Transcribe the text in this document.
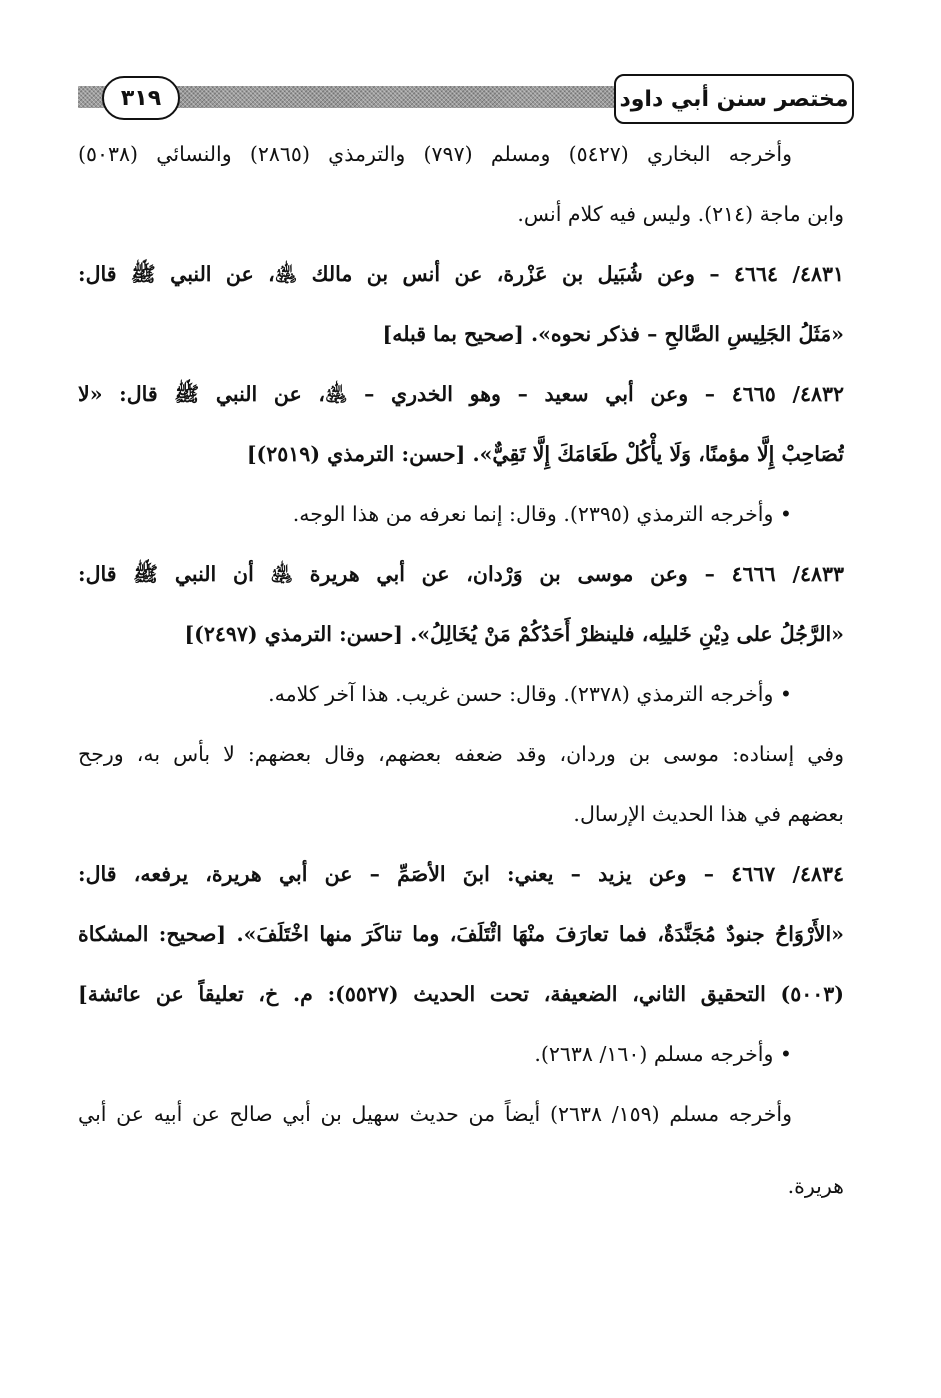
٣١٩	مختصر سنن أبي داود
وأخرجه البخاري (٥٤٢٧) ومسلم (٧٩٧) والترمذي (٢٨٦٥) والنسائي (٥٠٣٨)
وابن ماجة (٢١٤). وليس فيه كلام أنس.
٤٨٣١/ ٤٦٦٤ – وعن شُبَيل بن عَزْرة، عن أنس بن مالك ﵁، عن النبي ﷺ قال:
«مَثَلُ الجَلِيسِ الصَّالحِ – فذكر نحوه». [صحيح بما قبله]
٤٨٣٢/ ٤٦٦٥ – وعن أبي سعيد – وهو الخدري – ﵁، عن النبي ﷺ قال: «لا
تُصَاحِبْ إِلَّا مؤمنًا، وَلَا يأْكُلْ طَعَامَكَ إِلَّا تَقِيٌّ». [حسن: الترمذي (٢٥١٩)]
• وأخرجه الترمذي (٢٣٩٥). وقال: إنما نعرفه من هذا الوجه.
٤٨٣٣/ ٤٦٦٦ – وعن موسى بن وَرْدان، عن أبي هريرة ﵁ أن النبي ﷺ قال:
«الرَّجُلُ على دِيْنِ خَليلِه، فلينظرْ أَحَدُكُمْ مَنْ يُخَالِلُ». [حسن: الترمذي (٢٤٩٧)]
• وأخرجه الترمذي (٢٣٧٨). وقال: حسن غريب. هذا آخر كلامه.
وفي إسناده: موسى بن وردان، وقد ضعفه بعضهم، وقال بعضهم: لا بأس به، ورجح
بعضهم في هذا الحديث الإرسال.
٤٨٣٤/ ٤٦٦٧ – وعن يزيد – يعني: ابنَ الأصَمِّ – عن أبي هريرة، يرفعه، قال:
«الأَرْوَاحُ جنودٌ مُجَنَّدَةٌ، فما تعارَفَ منْهَا ائْتَلَفَ، وما تناكَرَ منها اخْتَلَفَ». [صحيح: المشكاة
(٥٠٠٣) التحقيق الثاني، الضعيفة، تحت الحديث (٥٥٢٧): م. خ، تعليقاً عن عائشة]
• وأخرجه مسلم (١٦٠/ ٢٦٣٨).
وأخرجه مسلم (١٥٩/ ٢٦٣٨) أيضاً من حديث سهيل بن أبي صالح عن أبيه عن أبي
هريرة.
